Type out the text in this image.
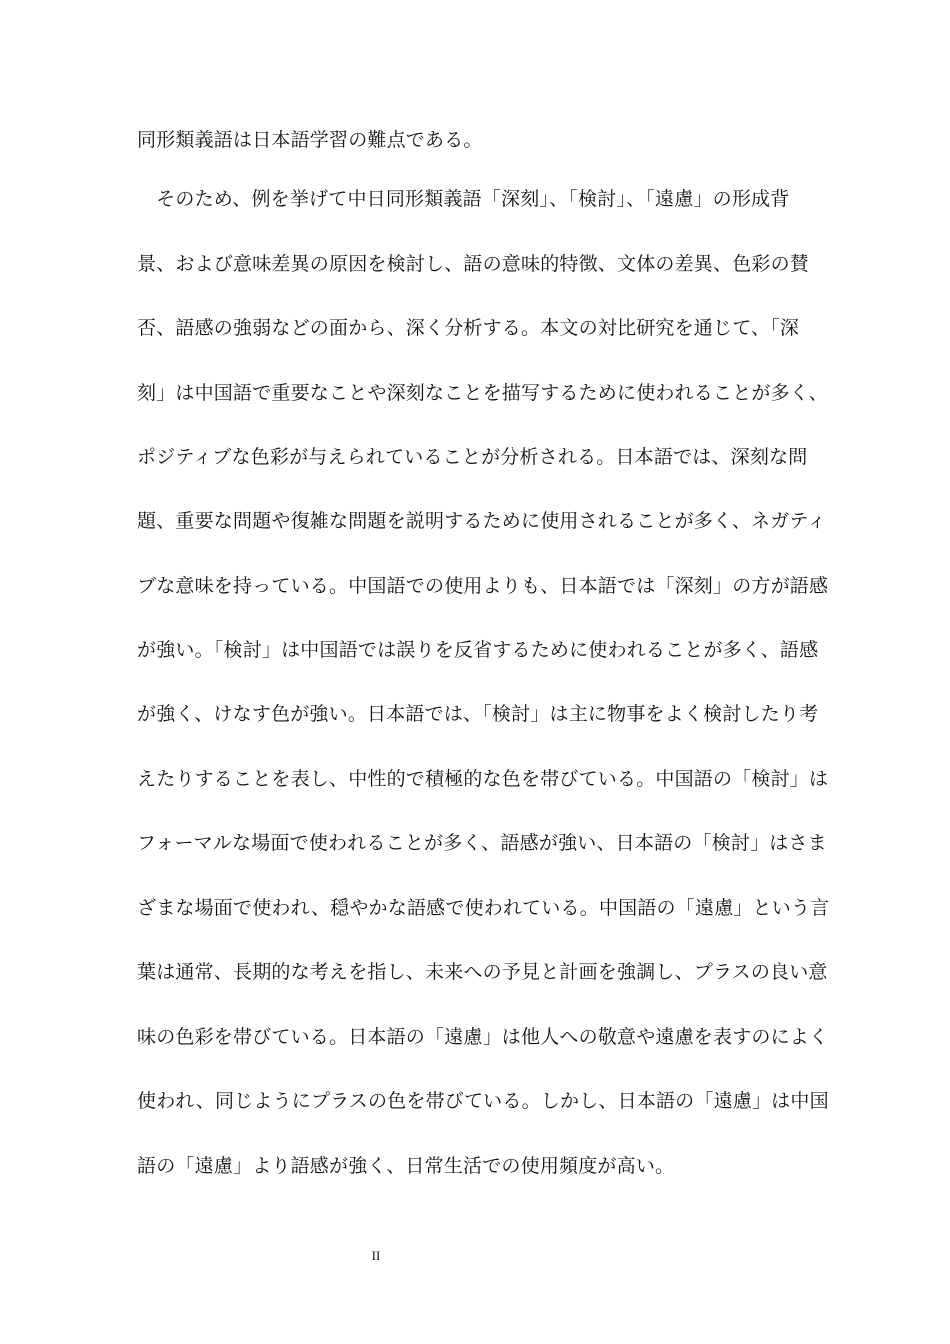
同形類義語は日本語学習の難点である。
　そのため、例を挙げて中日同形類義語「深刻」、「検討」、「遠慮」の形成背
景、および意味差異の原因を検討し、語の意味的特徴、文体の差異、色彩の賛
否、語感の強弱などの面から、深く分析する。本文の対比研究を通じて、「深
刻」は中国語で重要なことや深刻なことを描写するために使われることが多く、
ポジティブな色彩が与えられていることが分析される。日本語では、深刻な問
題、重要な問題や復雑な問題を説明するために使用されることが多く、ネガティ
ブな意味を持っている。中国語での使用よりも、日本語では「深刻」の方が語感
が強い。「検討」は中国語では誤りを反省するために使われることが多く、語感
が強く、けなす色が強い。日本語では、「検討」は主に物事をよく検討したり考
えたりすることを表し、中性的で積極的な色を帯びている。中国語の「検討」は
フォーマルな場面で使われることが多く、語感が強い、日本語の「検討」はさま
ざまな場面で使われ、穏やかな語感で使われている。中国語の「遠慮」という言
葉は通常、長期的な考えを指し、未来への予見と計画を強調し、プラスの良い意
味の色彩を帯びている。日本語の「遠慮」は他人への敬意や遠慮を表すのによく
使われ、同じようにプラスの色を帯びている。しかし、日本語の「遠慮」は中国
語の「遠慮」より語感が強く、日常生活での使用頻度が高い。
II
